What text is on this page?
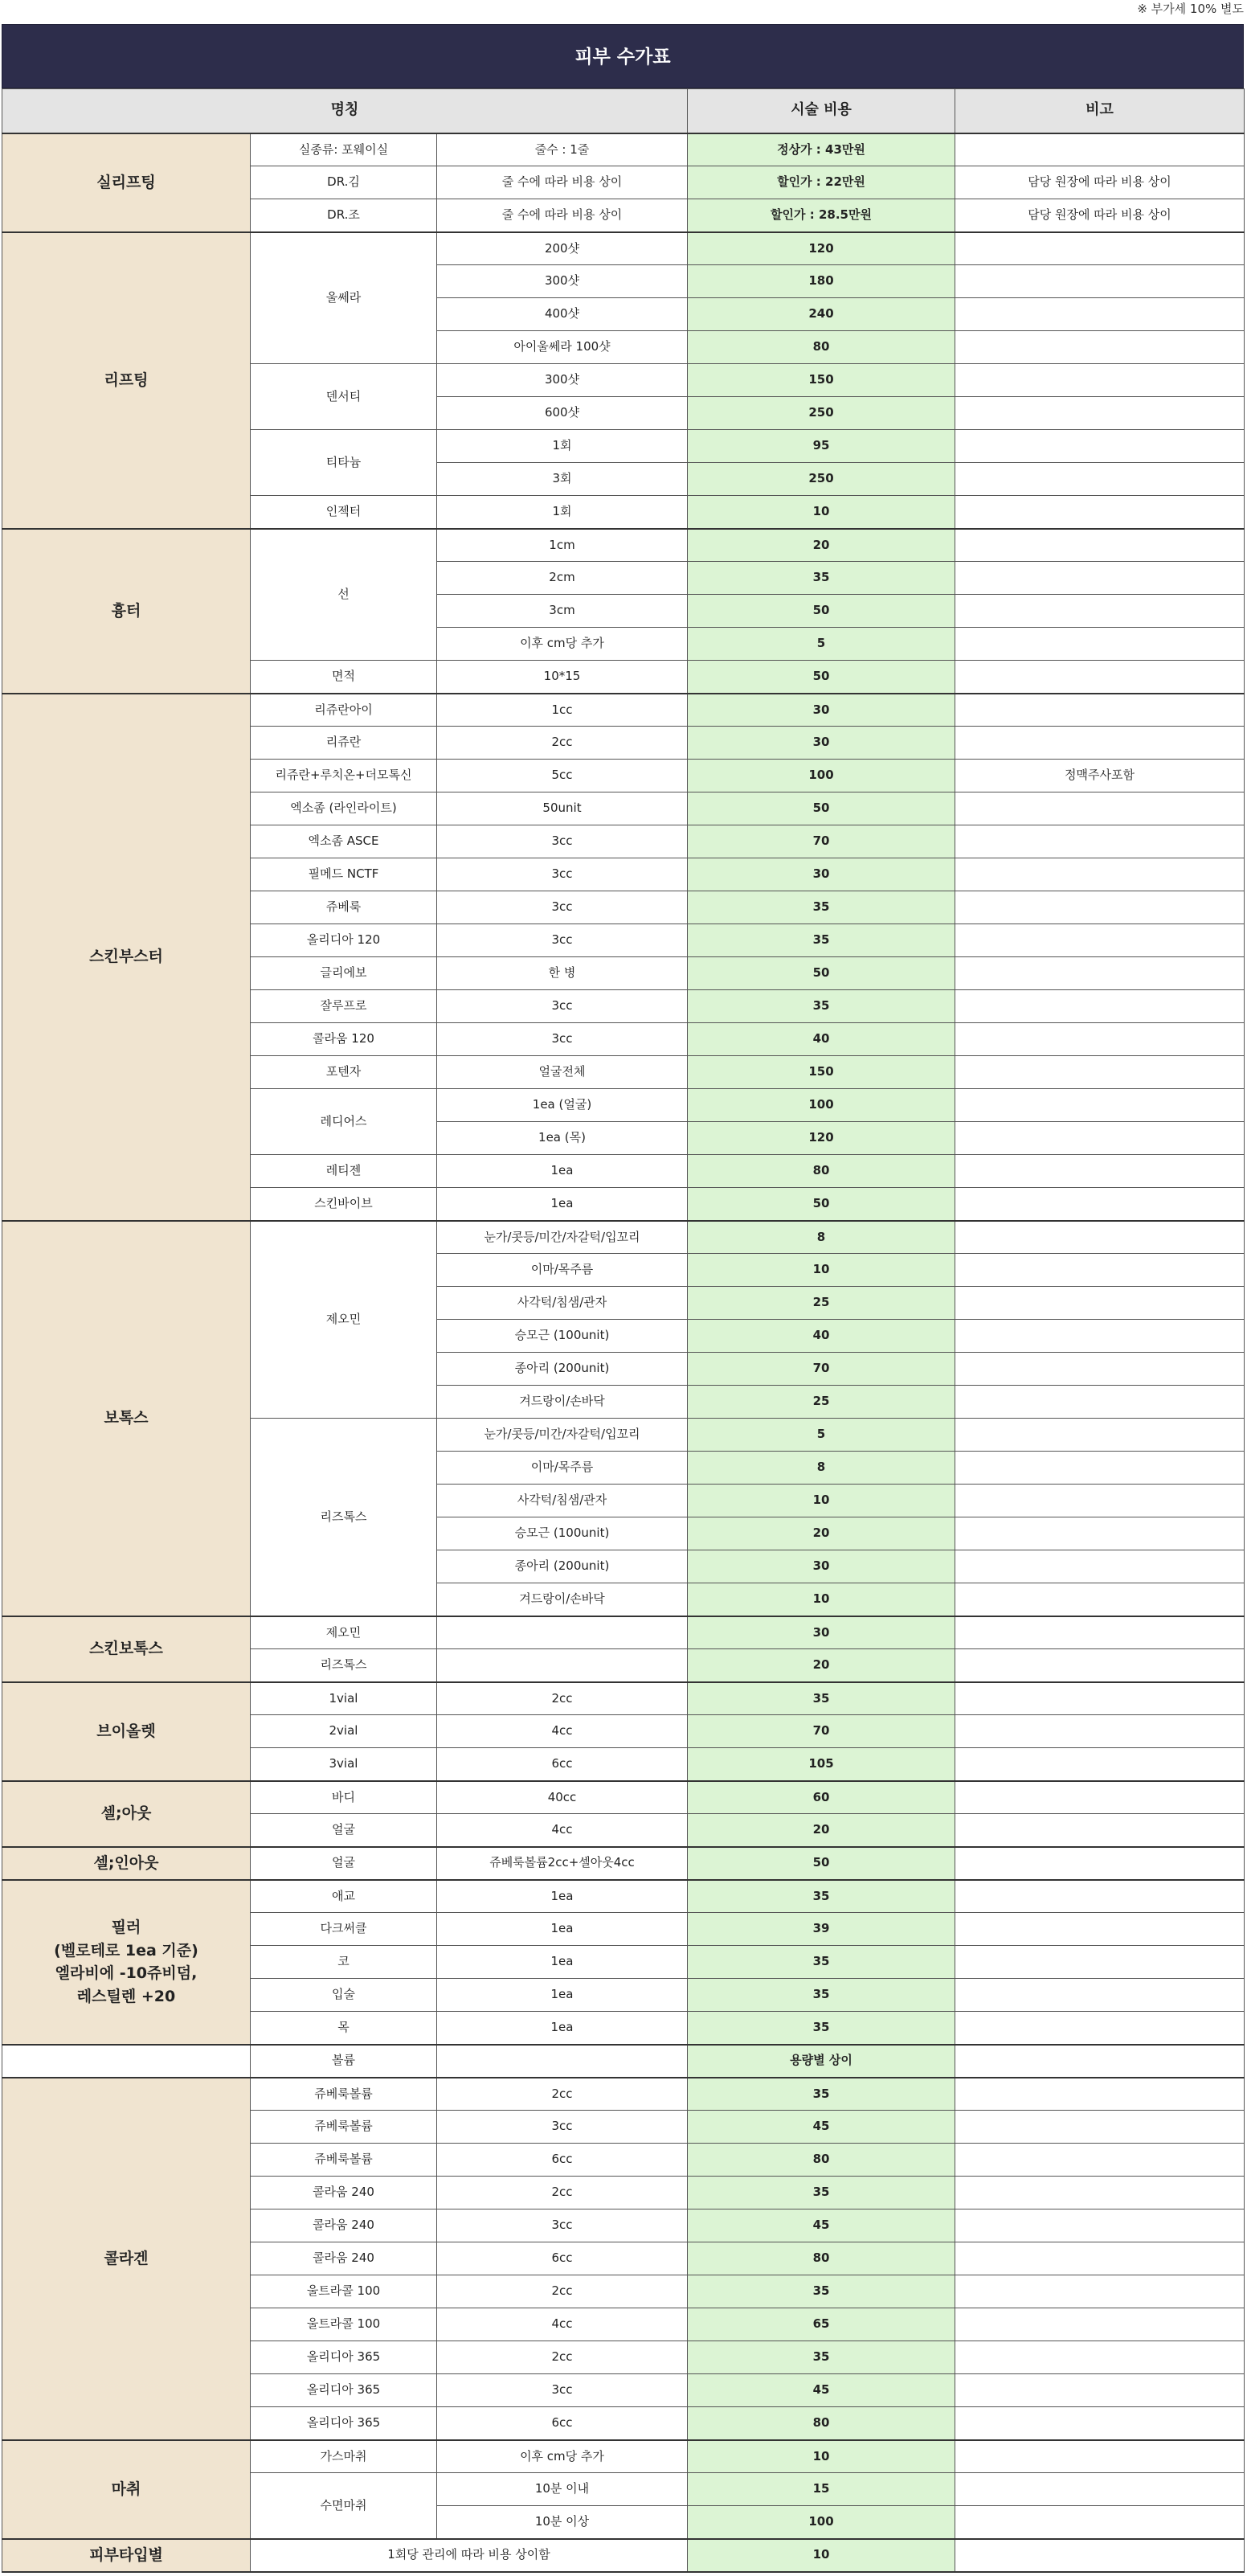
※ 부가세 10% 별도
피부 수가표
명칭			시술 비용	비고
실리프팅	실종류: 포웨이실	줄수 : 1줄	정상가 : 43만원	
	DR.김	줄 수에 따라 비용 상이	할인가 : 22만원	담당 원장에 따라 비용 상이
	DR.조	줄 수에 따라 비용 상이	할인가 : 28.5만원	담당 원장에 따라 비용 상이
리프팅	울쎄라	200샷	120	
		300샷	180	
		400샷	240	
		아이울쎄라 100샷	80	
	덴서티	300샷	150	
		600샷	250	
	티타늄	1회	95	
		3회	250	
	인젝터	1회	10	
흉터	선	1cm	20	
		2cm	35	
		3cm	50	
		이후 cm당 추가	5	
	면적	10*15	50	
스킨부스터	리쥬란아이	1cc	30	
	리쥬란	2cc	30	
	리쥬란+루치온+더모톡신	5cc	100	정맥주사포함
	엑소좀 (라인라이트)	50unit	50	
	엑소좀 ASCE	3cc	70	
	필메드 NCTF	3cc	30	
	쥬베룩	3cc	35	
	올리디아 120	3cc	35	
	글리에보	한 병	50	
	잘루프로	3cc	35	
	콜라움 120	3cc	40	
	포텐자	얼굴전체	150	
	레디어스	1ea (얼굴)	100	
		1ea (목)	120	
	레티젠	1ea	80	
	스킨바이브	1ea	50	
보톡스	제오민	눈가/콧등/미간/자갈턱/입꼬리	8	
		이마/목주름	10	
		사각턱/침샘/관자	25	
		승모근 (100unit)	40	
		종아리 (200unit)	70	
		겨드랑이/손바닥	25	
	리즈톡스	눈가/콧등/미간/자갈턱/입꼬리	5	
		이마/목주름	8	
		사각턱/침샘/관자	10	
		승모근 (100unit)	20	
		종아리 (200unit)	30	
		겨드랑이/손바닥	10	
스킨보톡스	제오민		30	
	리즈톡스		20	
브이올렛	1vial	2cc	35	
	2vial	4cc	70	
	3vial	6cc	105	
셀;아웃	바디	40cc	60	
	얼굴	4cc	20	
셀;인아웃	얼굴	쥬베룩볼륨2cc+셀아웃4cc	50	
필러
(벨로테로 1ea 기준)
엘라비에 -10쥬비덤,
레스틸렌 +20	애교	1ea	35	
	다크써클	1ea	39	
	코	1ea	35	
	입술	1ea	35	
	목	1ea	35	
	볼륨		용량별 상이	
콜라겐	쥬베룩볼륨	2cc	35	
	쥬베룩볼륨	3cc	45	
	쥬베룩볼륨	6cc	80	
	콜라움 240	2cc	35	
	콜라움 240	3cc	45	
	콜라움 240	6cc	80	
	울트라콜 100	2cc	35	
	울트라콜 100	4cc	65	
	올리디아 365	2cc	35	
	올리디아 365	3cc	45	
	올리디아 365	6cc	80	
마취	가스마취	이후 cm당 추가	10	
	수면마취	10분 이내	15	
		10분 이상	100	
피부타입별	1회당 관리에 따라 비용 상이함		10	
